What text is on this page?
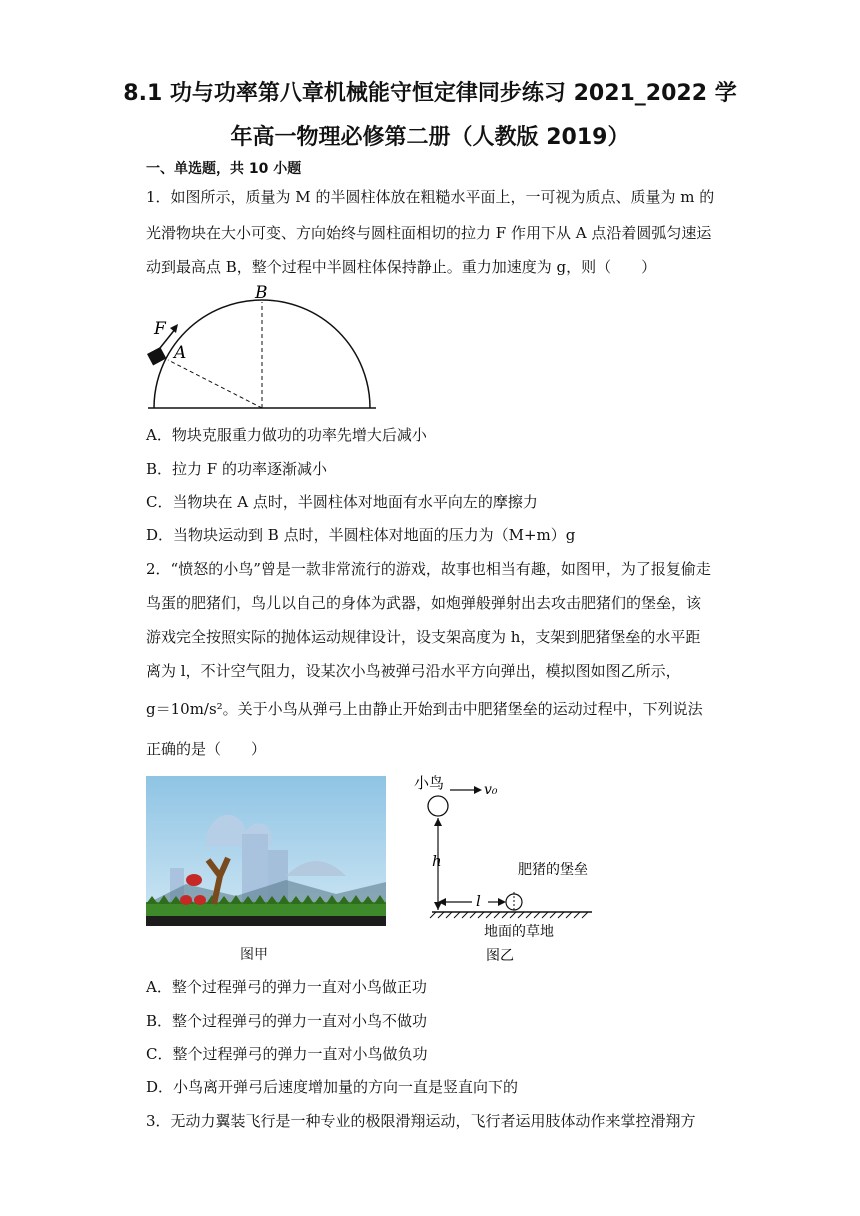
8.1 功与功率第八章机械能守恒定律同步练习 2021_2022 学
年高一物理必修第二册（人教版 2019）
一、单选题，共 10 小题
1．如图所示，质量为 M 的半圆柱体放在粗糙水平面上，一可视为质点、质量为 m 的
光滑物块在大小可变、方向始终与圆柱面相切的拉力 F 作用下从 A 点沿着圆弧匀速运
动到最高点 B，整个过程中半圆柱体保持静止。重力加速度为 g，则（　　）
B
F
A
A．物块克服重力做功的功率先增大后减小
B．拉力 F 的功率逐渐减小
C．当物块在 A 点时，半圆柱体对地面有水平向左的摩擦力
D．当物块运动到 B 点时，半圆柱体对地面的压力为（M+m）g
2．“愤怒的小鸟”曾是一款非常流行的游戏，故事也相当有趣，如图甲，为了报复偷走
鸟蛋的肥猪们，鸟儿以自己的身体为武器，如炮弹般弹射出去攻击肥猪们的堡垒，该
游戏完全按照实际的抛体运动规律设计，设支架高度为 h，支架到肥猪堡垒的水平距
离为 l，不计空气阻力，设某次小鸟被弹弓沿水平方向弹出，模拟图如图乙所示，
g＝10m/s²。关于小鸟从弹弓上由静止开始到击中肥猪堡垒的运动过程中，下列说法
正确的是（　　）
图甲
小鸟	v₀
h	肥猪的堡垒
l
地面的草地
图乙
A．整个过程弹弓的弹力一直对小鸟做正功
B．整个过程弹弓的弹力一直对小鸟不做功
C．整个过程弹弓的弹力一直对小鸟做负功
D．小鸟离开弹弓后速度增加量的方向一直是竖直向下的
3．无动力翼装飞行是一种专业的极限滑翔运动，飞行者运用肢体动作来掌控滑翔方
